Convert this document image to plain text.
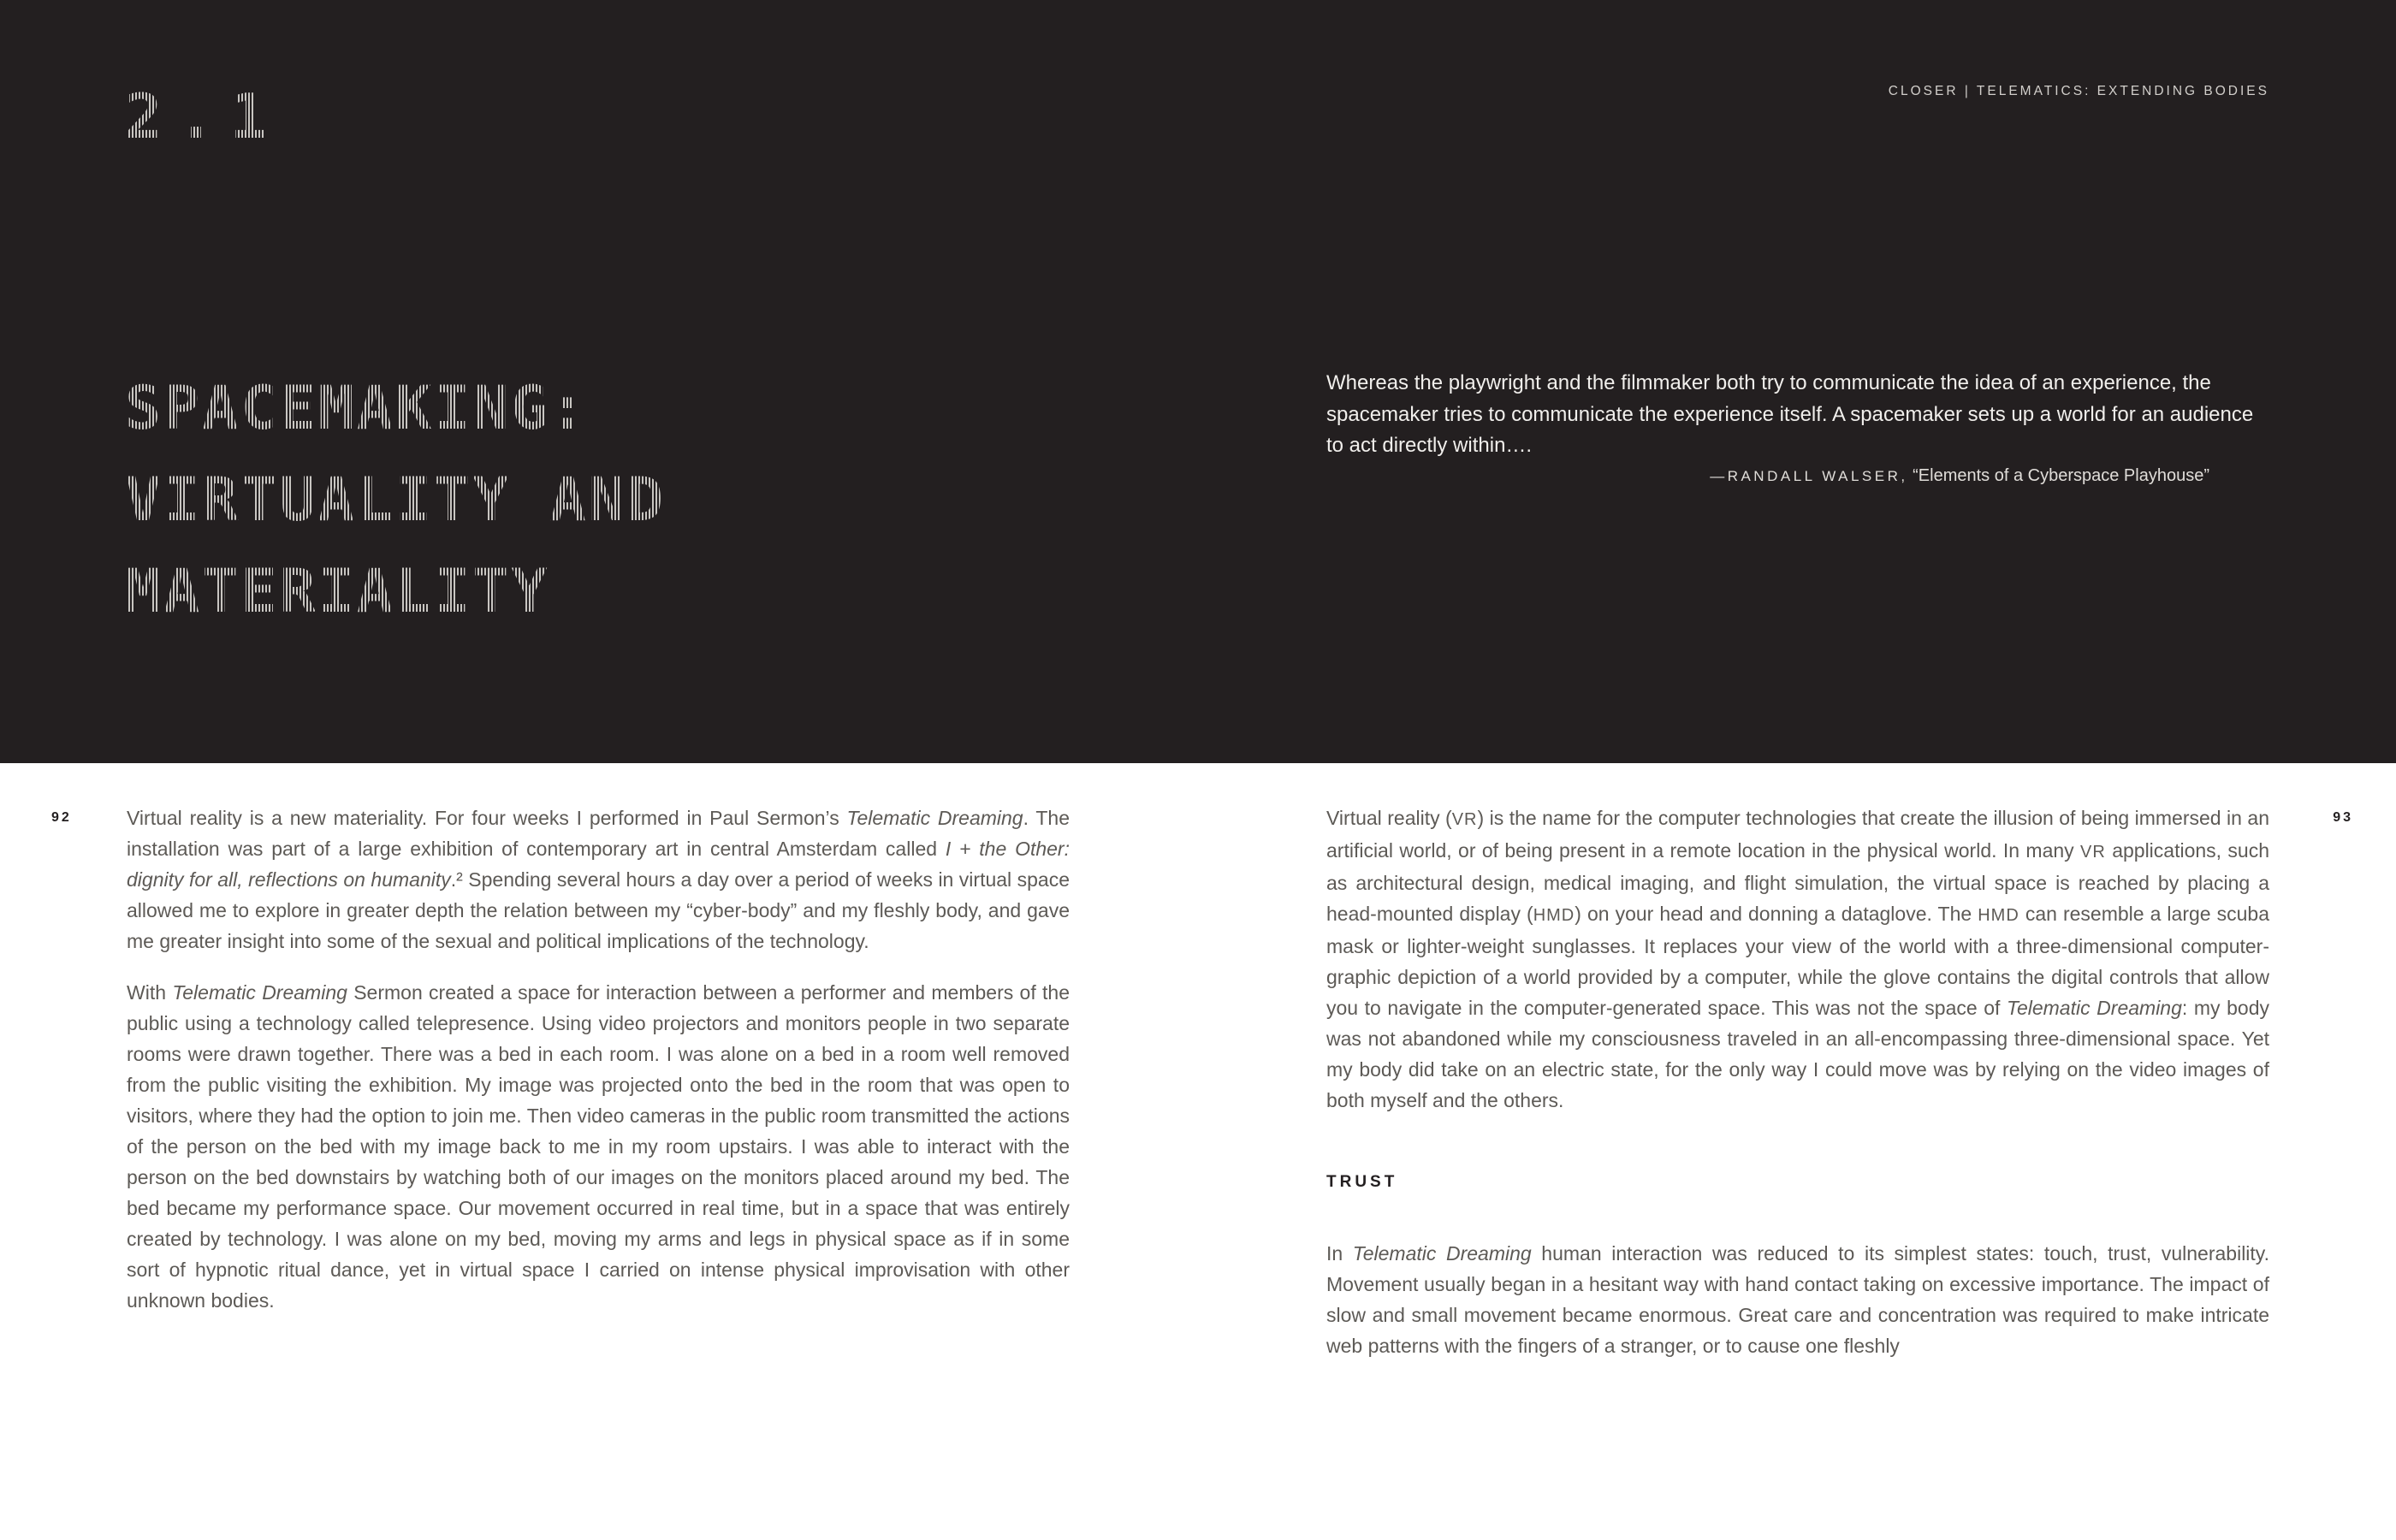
CLOSER | TELEMATICS: EXTENDING BODIES
2.1
SPACEMAKING:
VIRTUALITY AND
MATERIALITY
Whereas the playwright and the filmmaker both try to communicate the idea of an experience, the spacemaker tries to communicate the experience itself. A spacemaker sets up a world for an audience to act directly within….
—RANDALL WALSER, “Elements of a Cyberspace Playhouse”
92	93

Virtual reality is a new materiality. For four weeks I performed in Paul Sermon’s Telematic Dreaming. The installation was part of a large exhibition of contemporary art in central Amsterdam called I + the Other: dignity for all, reflections on humanity.² Spending several hours a day over a period of weeks in virtual space allowed me to explore in greater depth the relation between my “cyber-body” and my fleshly body, and gave me greater insight into some of the sexual and political implications of the technology.

With Telematic Dreaming Sermon created a space for interaction between a performer and members of the public using a technology called telepresence. Using video projectors and monitors people in two separate rooms were drawn together. There was a bed in each room. I was alone on a bed in a room well removed from the public visiting the exhibition. My image was projected onto the bed in the room that was open to visitors, where they had the option to join me. Then video cameras in the public room transmitted the actions of the person on the bed with my image back to me in my room upstairs. I was able to interact with the person on the bed downstairs by watching both of our images on the monitors placed around my bed. The bed became my performance space. Our movement occurred in real time, but in a space that was entirely created by technology. I was alone on my bed, moving my arms and legs in physical space as if in some sort of hypnotic ritual dance, yet in virtual space I carried on intense physical improvisation with other unknown bodies.

Virtual reality (VR) is the name for the computer technologies that create the illusion of being immersed in an artificial world, or of being present in a remote location in the physical world. In many VR applications, such as architectural design, medical imaging, and flight simulation, the virtual space is reached by placing a head-mounted display (HMD) on your head and donning a dataglove. The HMD can resemble a large scuba mask or lighter-weight sunglasses. It replaces your view of the world with a three-dimensional computer-graphic depiction of a world provided by a computer, while the glove contains the digital controls that allow you to navigate in the computer-generated space. This was not the space of Telematic Dreaming: my body was not abandoned while my consciousness traveled in an all-encompassing three-dimensional space. Yet my body did take on an electric state, for the only way I could move was by relying on the video images of both myself and the others.

TRUST

In Telematic Dreaming human interaction was reduced to its simplest states: touch, trust, vulnerability. Movement usually began in a hesitant way with hand contact taking on excessive importance. The impact of slow and small movement became enormous. Great care and concentration was required to make intricate web patterns with the fingers of a stranger, or to cause one fleshly
